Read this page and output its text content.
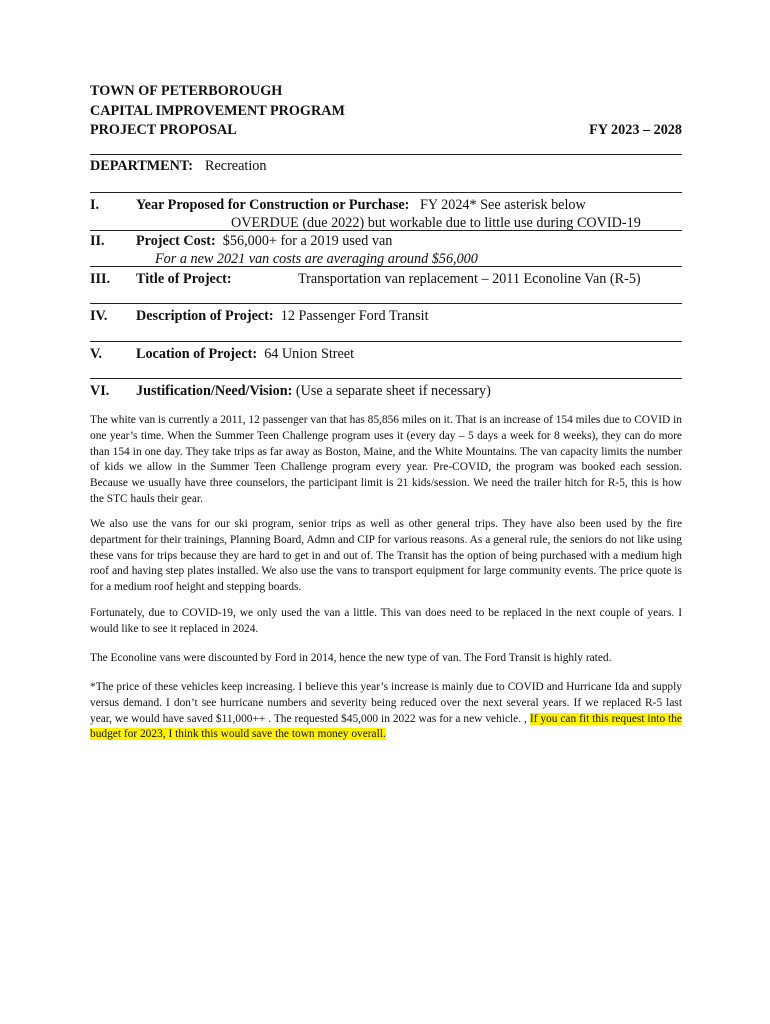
TOWN OF PETERBOROUGH
CAPITAL IMPROVEMENT PROGRAM
PROJECT PROPOSAL	FY 2023 – 2028
DEPARTMENT: Recreation
I.	Year Proposed for Construction or Purchase: FY 2024* See asterisk below
OVERDUE (due 2022) but workable due to little use during COVID-19
II. Project Cost: $56,000+ for a 2019 used van
For a new 2021 van costs are averaging around $56,000
III. Title of Project:	Transportation van replacement – 2011 Econoline Van (R-5)
IV. Description of Project: 12 Passenger Ford Transit
V. Location of Project: 64 Union Street
VI. Justification/Need/Vision: (Use a separate sheet if necessary)

The white van is currently a 2011, 12 passenger van that has 85,856 miles on it. That is an increase of 154 miles due to COVID in one year’s time. When the Summer Teen Challenge program uses it (every day – 5 days a week for 8 weeks), they can do more than 154 in one day. They take trips as far away as Boston, Maine, and the White Mountains. The van capacity limits the number of kids we allow in the Summer Teen Challenge program every year. Pre-COVID, the program was booked each session. Because we usually have three counselors, the participant limit is 21 kids/session. We need the trailer hitch for R-5, this is how the STC hauls their gear.

We also use the vans for our ski program, senior trips as well as other general trips. They have also been used by the fire department for their trainings, Planning Board, Admn and CIP for various reasons. As a general rule, the seniors do not like using these vans for trips because they are hard to get in and out of. The Transit has the option of being purchased with a medium high roof and having step plates installed. We also use the vans to transport equipment for large community events. The price quote is for a medium roof height and stepping boards.

Fortunately, due to COVID-19, we only used the van a little. This van does need to be replaced in the next couple of years. I would like to see it replaced in 2024.

The Econoline vans were discounted by Ford in 2014, hence the new type of van. The Ford Transit is highly rated.

*The price of these vehicles keep increasing. I believe this year’s increase is mainly due to COVID and Hurricane Ida and supply versus demand. I don’t see hurricane numbers and severity being reduced over the next several years. If we replaced R-5 last year, we would have saved $11,000++ . The requested $45,000 in 2022 was for a new vehicle. , If you can fit this request into the budget for 2023, I think this would save the town money overall.
